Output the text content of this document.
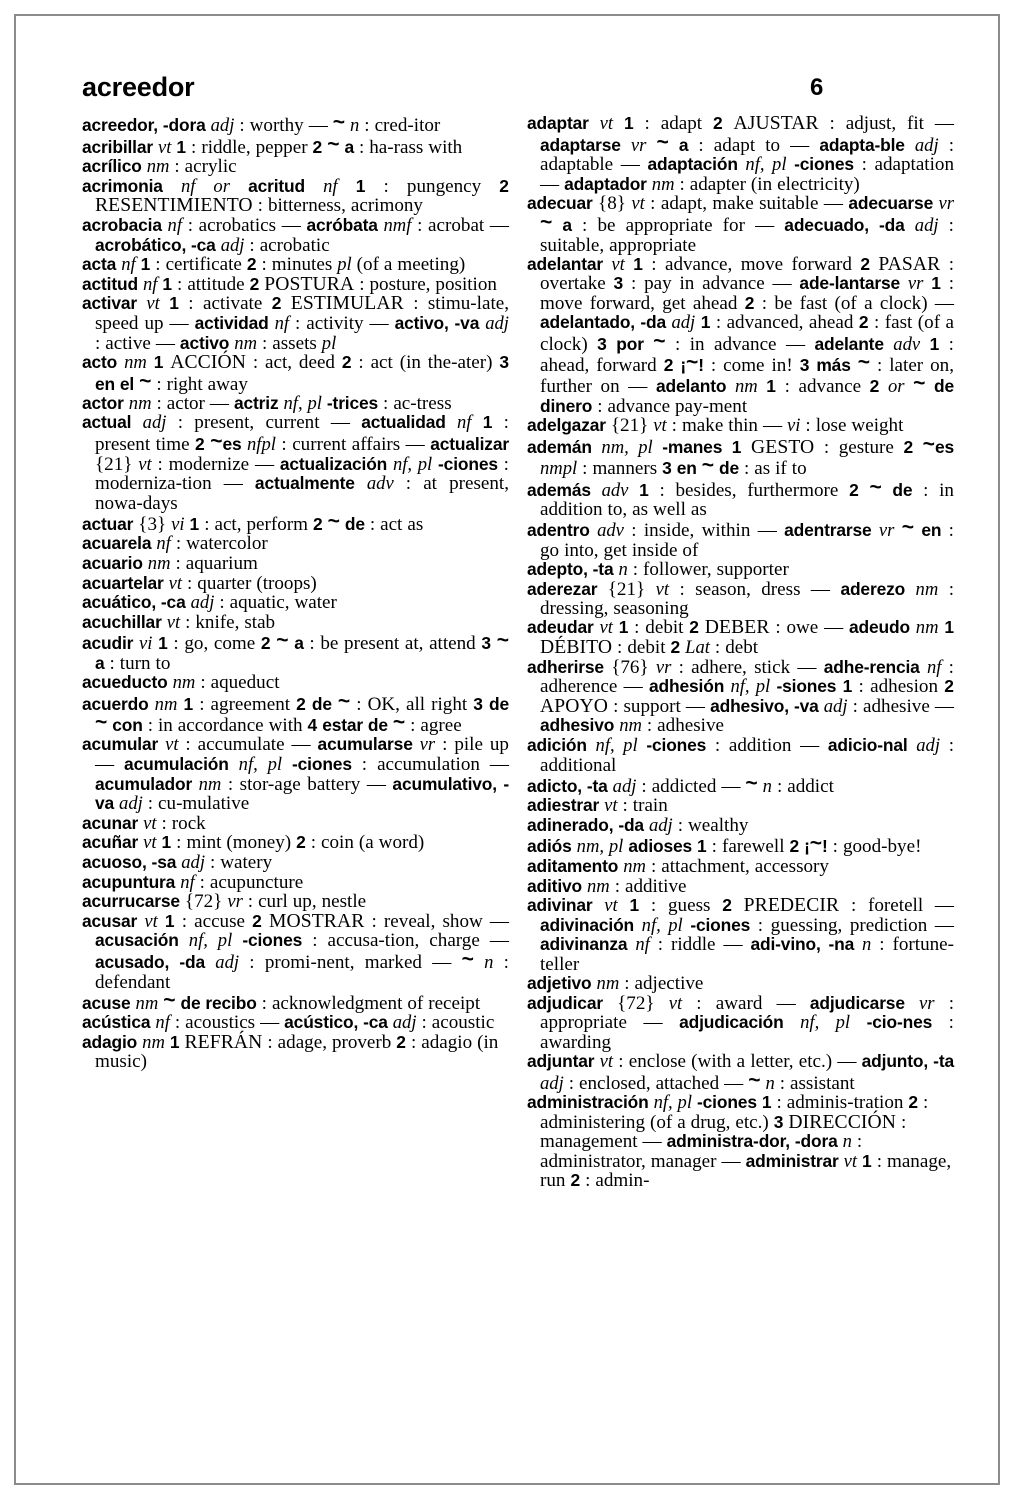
acreedor	6

acreedor, -dora adj : worthy — ~ n : cred-itor

acribillar vt 1 : riddle, pepper 2 ~ a : ha-rass with

acrílico nm : acrylic

acrimonia nf or acritud nf 1 : pungency 2 RESENTIMIENTO : bitterness, acrimony

acrobacia nf : acrobatics — acróbata nmf : acrobat — acrobático, -ca adj : acrobatic

acta nf 1 : certificate 2 : minutes pl (of a meeting)

actitud nf 1 : attitude 2 POSTURA : posture, position

activar vt 1 : activate 2 ESTIMULAR : stimu-late, speed up — actividad nf : activity — activo, -va adj : active — activo nm : assets pl

acto nm 1 ACCIÓN : act, deed 2 : act (in the-ater) 3 en el ~ : right away

actor nm : actor — actriz nf, pl -trices : ac-tress

actual adj : present, current — actualidad nf 1 : present time 2 ~es nfpl : current affairs — actualizar {21} vt : modernize — actualización nf, pl -ciones : moderniza-tion — actualmente adv : at present, nowa-days

actuar {3} vi 1 : act, perform 2 ~ de : act as

acuarela nf : watercolor

acuario nm : aquarium

acuartelar vt : quarter (troops)

acuático, -ca adj : aquatic, water

acuchillar vt : knife, stab

acudir vi 1 : go, come 2 ~ a : be present at, attend 3 ~ a : turn to

acueducto nm : aqueduct

acuerdo nm 1 : agreement 2 de ~ : OK, all right 3 de ~ con : in accordance with 4 estar de ~ : agree

acumular vt : accumulate — acumularse vr : pile up — acumulación nf, pl -ciones : accumulation — acumulador nm : stor-age battery — acumulativo, -va adj : cu-mulative

acunar vt : rock

acuñar vt 1 : mint (money) 2 : coin (a word)

acuoso, -sa adj : watery

acupuntura nf : acupuncture

acurrucarse {72} vr : curl up, nestle

acusar vt 1 : accuse 2 MOSTRAR : reveal, show — acusación nf, pl -ciones : accusa-tion, charge — acusado, -da adj : promi-nent, marked — ~ n : defendant

acuse nm ~ de recibo : acknowledgment of receipt

acústica nf : acoustics — acústico, -ca adj : acoustic

adagio nm 1 REFRÁN : adage, proverb 2 : adagio (in music)

adaptar vt 1 : adapt 2 AJUSTAR : adjust, fit — adaptarse vr ~ a : adapt to — adapta-ble adj : adaptable — adaptación nf, pl -ciones : adaptation — adaptador nm : adapter (in electricity)

adecuar {8} vt : adapt, make suitable — adecuarse vr ~ a : be appropriate for — adecuado, -da adj : suitable, appropriate

adelantar vt 1 : advance, move forward 2 PASAR : overtake 3 : pay in advance — ade-lantarse vr 1 : move forward, get ahead 2 : be fast (of a clock) — adelantado, -da adj 1 : advanced, ahead 2 : fast (of a clock) 3 por ~ : in advance — adelante adv 1 : ahead, forward 2 ¡~! : come in! 3 más ~ : later on, further on — adelanto nm 1 : advance 2 or ~ de dinero : advance pay-ment

adelgazar {21} vt : make thin — vi : lose weight

ademán nm, pl -manes 1 GESTO : gesture 2 ~es nmpl : manners 3 en ~ de : as if to

además adv 1 : besides, furthermore 2 ~ de : in addition to, as well as

adentro adv : inside, within — adentrarse vr ~ en : go into, get inside of

adepto, -ta n : follower, supporter

aderezar {21} vt : season, dress — aderezo nm : dressing, seasoning

adeudar vt 1 : debit 2 DEBER : owe — adeudo nm 1 DÉBITO : debit 2 Lat : debt

adherirse {76} vr : adhere, stick — adhe-rencia nf : adherence — adhesión nf, pl -siones 1 : adhesion 2 APOYO : support — adhesivo, -va adj : adhesive — adhesivo nm : adhesive

adición nf, pl -ciones : addition — adicio-nal adj : additional

adicto, -ta adj : addicted — ~ n : addict

adiestrar vt : train

adinerado, -da adj : wealthy

adiós nm, pl adioses 1 : farewell 2 ¡~! : good-bye!

aditamento nm : attachment, accessory

aditivo nm : additive

adivinar vt 1 : guess 2 PREDECIR : foretell — adivinación nf, pl -ciones : guessing, prediction — adivinanza nf : riddle — adi-vino, -na n : fortune-teller

adjetivo nm : adjective

adjudicar {72} vt : award — adjudicarse vr : appropriate — adjudicación nf, pl -cio-nes : awarding

adjuntar vt : enclose (with a letter, etc.) — adjunto, -ta adj : enclosed, attached — ~ n : assistant

administración nf, pl -ciones 1 : adminis-tration 2 : administering (of a drug, etc.) 3 DIRECCIÓN : management — administra-dor, -dora n : administrator, manager — administrar vt 1 : manage, run 2 : admin-
